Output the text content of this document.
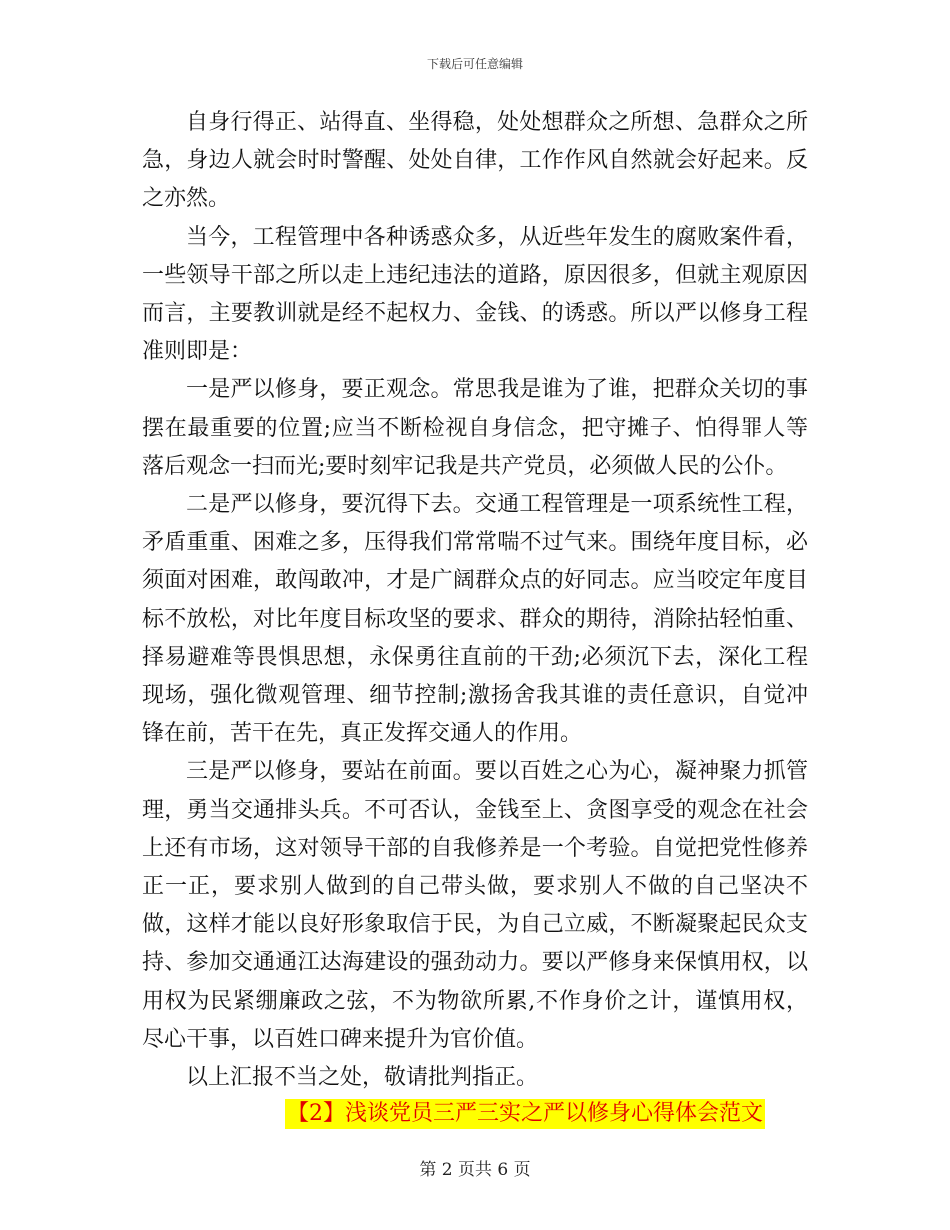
下载后可任意编辑

自身行得正、站得直、坐得稳，处处想群众之所想、急群众之所急，身边人就会时时警醒、处处自律，工作作风自然就会好起来。反之亦然。

当今，工程管理中各种诱惑众多，从近些年发生的腐败案件看，一些领导干部之所以走上违纪违法的道路，原因很多，但就主观原因而言，主要教训就是经不起权力、金钱、的诱惑。所以严以修身工程准则即是：

一是严以修身，要正观念。常思我是谁为了谁，把群众关切的事摆在最重要的位置;应当不断检视自身信念，把守摊子、怕得罪人等落后观念一扫而光;要时刻牢记我是共产党员，必须做人民的公仆。

二是严以修身，要沉得下去。交通工程管理是一项系统性工程，矛盾重重、困难之多，压得我们常常喘不过气来。围绕年度目标，必须面对困难，敢闯敢冲，才是广阔群众点的好同志。应当咬定年度目标不放松，对比年度目标攻坚的要求、群众的期待，消除拈轻怕重、择易避难等畏惧思想，永保勇往直前的干劲;必须沉下去，深化工程现场，强化微观管理、细节控制;激扬舍我其谁的责任意识，自觉冲锋在前，苦干在先，真正发挥交通人的作用。

三是严以修身，要站在前面。要以百姓之心为心，凝神聚力抓管理，勇当交通排头兵。不可否认，金钱至上、贪图享受的观念在社会上还有市场，这对领导干部的自我修养是一个考验。自觉把党性修养正一正，要求别人做到的自己带头做，要求别人不做的自己坚决不做，这样才能以良好形象取信于民，为自己立威，不断凝聚起民众支持、参加交通通江达海建设的强劲动力。要以严修身来保慎用权，以用权为民紧绷廉政之弦，不为物欲所累,不作身价之计，谨慎用权，尽心干事，以百姓口碑来提升为官价值。

以上汇报不当之处，敬请批判指正。

【2】浅谈党员三严三实之严以修身心得体会范文
第 2 页共 6 页
